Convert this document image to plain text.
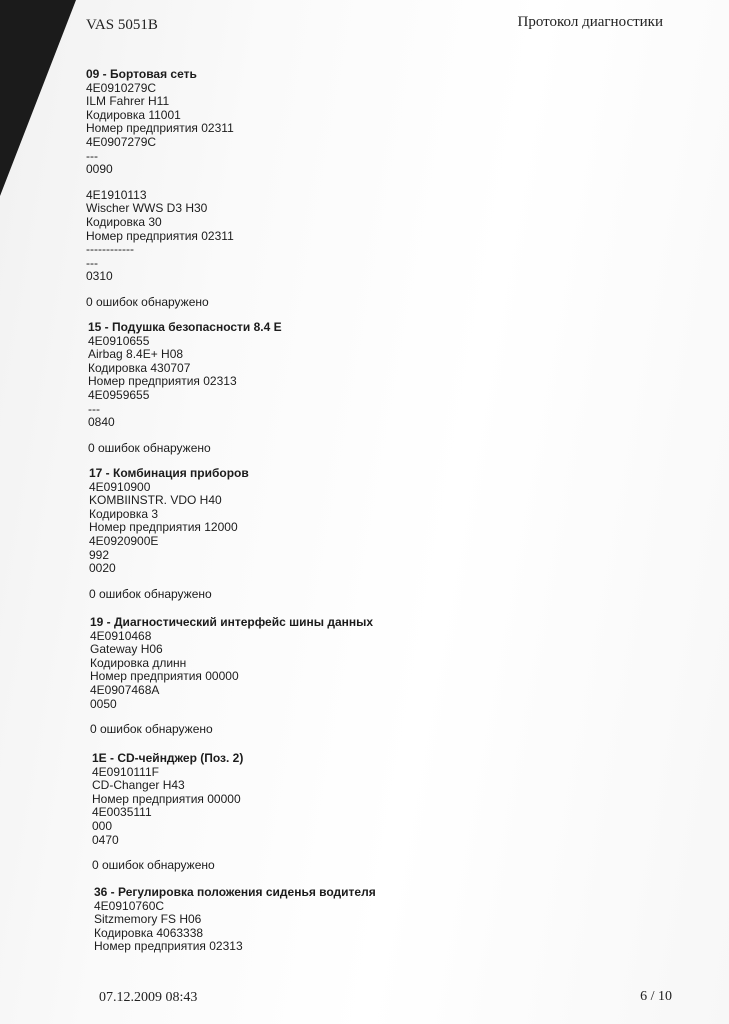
VAS 5051B	Протокол диагностики
09 - Бортовая сеть
4E0910279C
ILM Fahrer H11
Кодировка 11001
Номер предприятия 02311
4E0907279C
---
0090
4E1910113
Wischer WWS D3 H30
Кодировка 30
Номер предприятия 02311
------------
---
0310
0 ошибок обнаружено
15 - Подушка безопасности 8.4 E
4E0910655
Airbag 8.4E+ H08
Кодировка 430707
Номер предприятия 02313
4E0959655
---
0840
0 ошибок обнаружено
17 - Комбинация приборов
4E0910900
KOMBIINSTR. VDO H40
Кодировка 3
Номер предприятия 12000
4E0920900E
992
0020
0 ошибок обнаружено
19 - Диагностический интерфейс шины данных
4E0910468
Gateway H06
Кодировка длинн
Номер предприятия 00000
4E0907468A
0050
0 ошибок обнаружено
1E - CD-чейнджер (Поз. 2)
4E0910111F
CD-Changer H43
Номер предприятия 00000
4E0035111
000
0470
0 ошибок обнаружено
36 - Регулировка положения сиденья водителя
4E0910760C
Sitzmemory FS H06
Кодировка 4063338
Номер предприятия 02313
07.12.2009 08:43	6 / 10
